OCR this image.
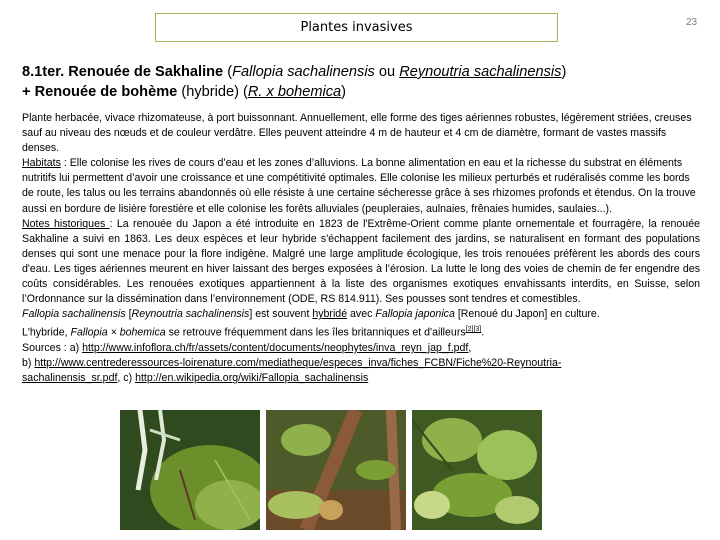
Plantes invasives	23
8.1ter. Renouée de Sakhaline (Fallopia sachalinensis ou Reynoutria sachalinensis)
+ Renouée de bohème (hybride) (R. x bohemica)

Plante herbacée, vivace rhizomateuse, à port buissonnant. Annuellement, elle forme des tiges aériennes robustes, légèrement striées, creuses sauf au niveau des nœuds et de couleur verdâtre. Elles peuvent atteindre 4 m de hauteur et 4 cm de diamètre, formant de vastes massifs denses.

Habitats : Elle colonise les rives de cours d’eau et les zones d’alluvions. La bonne alimentation en eau et la richesse du substrat en éléments nutritifs lui permettent d’avoir une croissance et une compétitivité optimales. Elle colonise les milieux perturbés et rudéralisés comme les bords de route, les talus ou les terrains abandonnés où elle résiste à une certaine sécheresse grâce à ses rhizomes profonds et étendus. On la trouve aussi en bordure de lisière forestière et elle colonise les forêts alluviales (peupleraies, aulnaies, frênaies humides, saulaies...).

Notes historiques : La renouée du Japon a été introduite en 1823 de l'Extrême-Orient comme plante ornementale et fourragère, la renouée Sakhaline a suivi en 1863. Les deux espèces et leur hybride s'échappent facilement des jardins, se naturalisent en formant des populations denses qui sont une menace pour la flore indigène. Malgré une large amplitude écologique, les trois renouées préfèrent les abords des cours d'eau. Les tiges aériennes meurent en hiver laissant des berges exposées à l’érosion. La lutte le long des voies de chemin de fer engendre des coûts considérables. Les renouées exotiques appartiennent à la liste des organismes exotiques envahissants interdits, en Suisse, selon l’Ordonnance sur la dissémination dans l’environnement (ODE, RS 814.911). Ses pousses sont tendres et comestibles.

Fallopia sachalinensis [Reynoutria sachalinensis] est souvent hybridé avec Fallopia japonica [Renoué du Japon] en culture.

L'hybride, Fallopia × bohemica se retrouve fréquemment dans les îles britanniques et d'ailleurs[2][3].

Sources : a) http://www.infoflora.ch/fr/assets/content/documents/neophytes/inva_reyn_jap_f.pdf,

b) http://www.centrederessources-loirenature.com/mediatheque/especes_inva/fiches_FCBN/Fiche%20-Reynoutria-

sachalinensis_sr.pdf, c) http://en.wikipedia.org/wiki/Fallopia_sachalinensis
